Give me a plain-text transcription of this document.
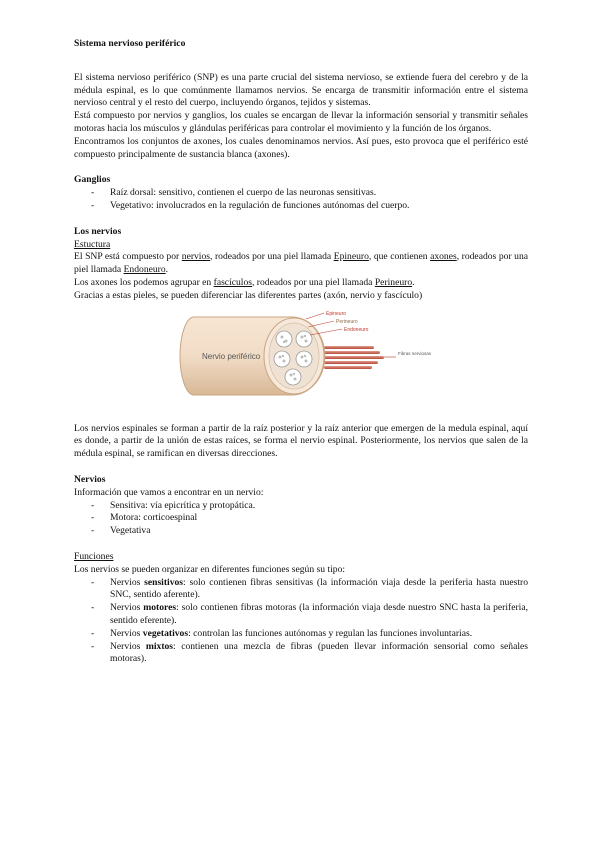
Sistema nervioso periférico

El sistema nervioso periférico (SNP) es una parte crucial del sistema nervioso, se extiende fuera del cerebro y de la médula espinal, es lo que comúnmente llamamos nervios. Se encarga de transmitir información entre el sistema nervioso central y el resto del cuerpo, incluyendo órganos, tejidos y sistemas.

Está compuesto por nervios y ganglios, los cuales se encargan de llevar la información sensorial y transmitir señales motoras hacia los músculos y glándulas periféricas para controlar el movimiento y la función de los órganos.

Encontramos los conjuntos de axones, los cuales denominamos nervios. Así pues, esto provoca que el periférico esté compuesto principalmente de sustancia blanca (axones).

Ganglios
- Raíz dorsal: sensitivo, contienen el cuerpo de las neuronas sensitivas.
- Vegetativo: involucrados en la regulación de funciones autónomas del cuerpo.
Los nervios
Estuctura

El SNP está compuesto por nervios, rodeados por una piel llamada Epineuro, que contienen axones, rodeados por una piel llamada Endoneuro.

Los axones los podemos agrupar en fascículos, rodeados por una piel llamada Perineuro.

Gracias a estas pieles, se pueden diferenciar las diferentes partes (axón, nervio y fascículo)

Epineuro
Perineuro
Endoneuro
Fibras nerviosas
Nervio periférico

Los nervios espinales se forman a partir de la raíz posterior y la raíz anterior que emergen de la medula espinal, aquí es donde, a partir de la unión de estas raíces, se forma el nervio espinal. Posteriormente, los nervios que salen de la médula espinal, se ramifican en diversas direcciones.

Nervios
Información que vamos a encontrar en un nervio:
- Sensitiva: vía epicrítica y protopática.
- Motora: corticoespinal
- Vegetativa
Funciones
Los nervios se pueden organizar en diferentes funciones según su tipo:
- Nervios sensitivos: solo contienen fibras sensitivas (la información viaja desde la periferia hasta nuestro SNC, sentido aferente).
- Nervios motores: solo contienen fibras motoras (la información viaja desde nuestro SNC hasta la periferia, sentido eferente).
- Nervios vegetativos: controlan las funciones autónomas y regulan las funciones involuntarias.
- Nervios mixtos: contienen una mezcla de fibras (pueden llevar información sensorial como señales motoras).
